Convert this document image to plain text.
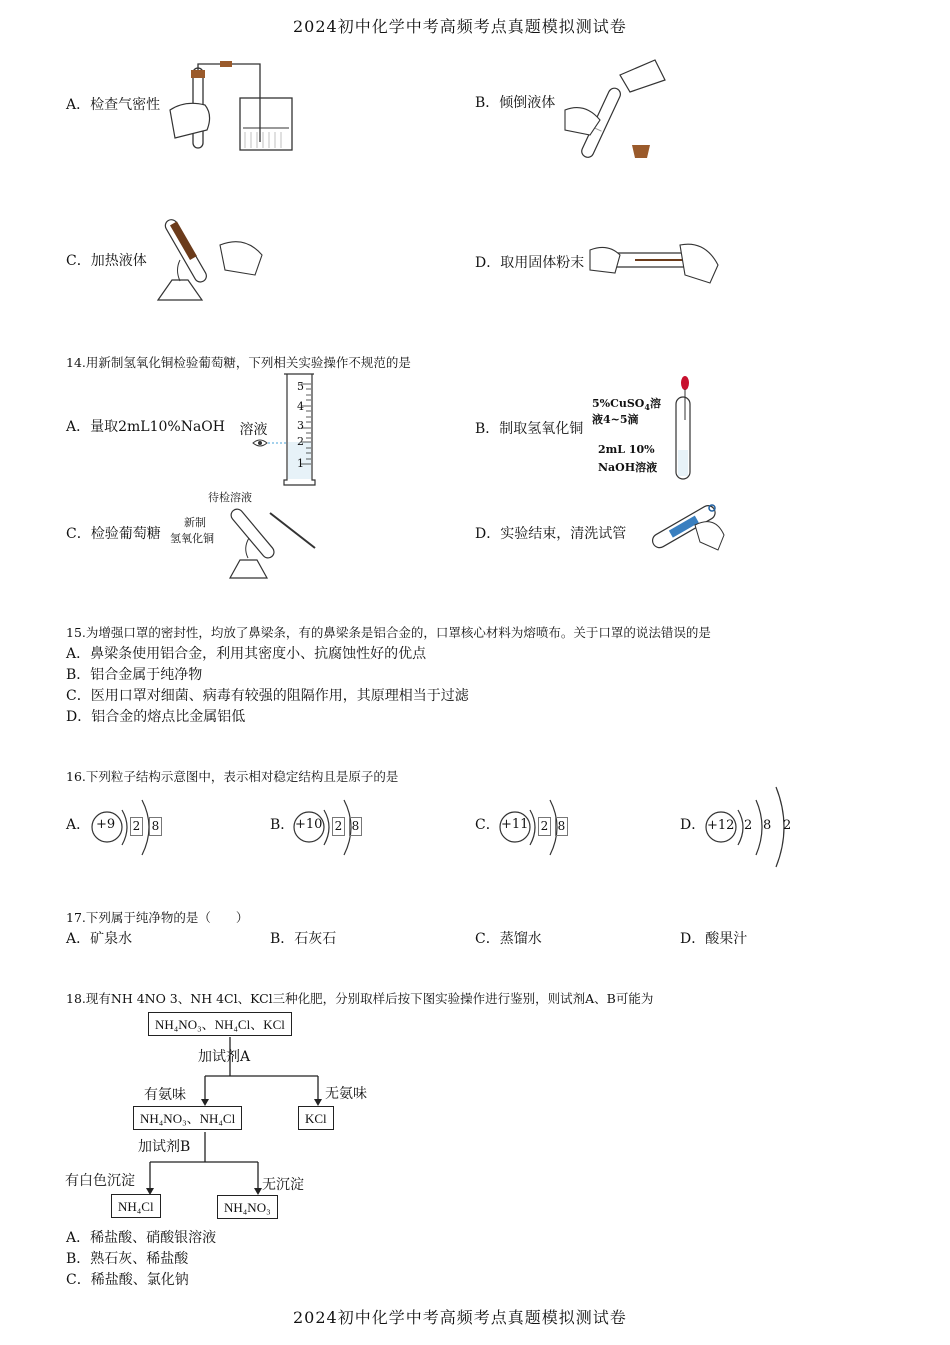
2024初中化学中考高频考点真题模拟测试卷
A．检查气密性	B．倾倒液体
C．加热液体	D．取用固体粉末
14.用新制氢氧化铜检验葡萄糖，下列相关实验操作不规范的是
A．量取2mL10%NaOH 溶液
5
4
3
2
1
B．制取氢氧化铜
5%CuSO$_4$溶
液4~5滴
2mL 10%
NaOH溶液
C．检验葡萄糖
待检溶液
新制
氢氧化铜	D．实验结束，清洗试管
15.为增强口罩的密封性，均放了鼻梁条，有的鼻梁条是铝合金的，口罩核心材料为熔喷布。关于口罩的说法错误的是
A．鼻梁条使用铝合金，利用其密度小、抗腐蚀性好的优点
B．铝合金属于纯净物
C．医用口罩对细菌、病毒有较强的阻隔作用，其原理相当于过滤
D．铝合金的熔点比金属铝低
16.下列粒子结构示意图中，表示相对稳定结构且是原子的是
A． +9 2 8	B． +10 2 8	C． +11 2 8	D． +12 2 8 2
17.下列属于纯净物的是（　　）
A．矿泉水	B．石灰石	C．蒸馏水	D．酸果汁
18.现有NH 4NO 3、NH 4Cl、KCl三种化肥，分别取样后按下图实验操作进行鉴别，则试剂A、B可能为
NH₄NO₃、NH₄Cl、KCl
加试剂A
有氨味	无氨味
NH₄NO₃、NH₄Cl	KCl
加试剂B
有白色沉淀	无沉淀
NH₄Cl	NH₄NO₃
A．稀盐酸、硝酸银溶液
B．熟石灰、稀盐酸
C．稀盐酸、氯化钠
2024初中化学中考高频考点真题模拟测试卷
